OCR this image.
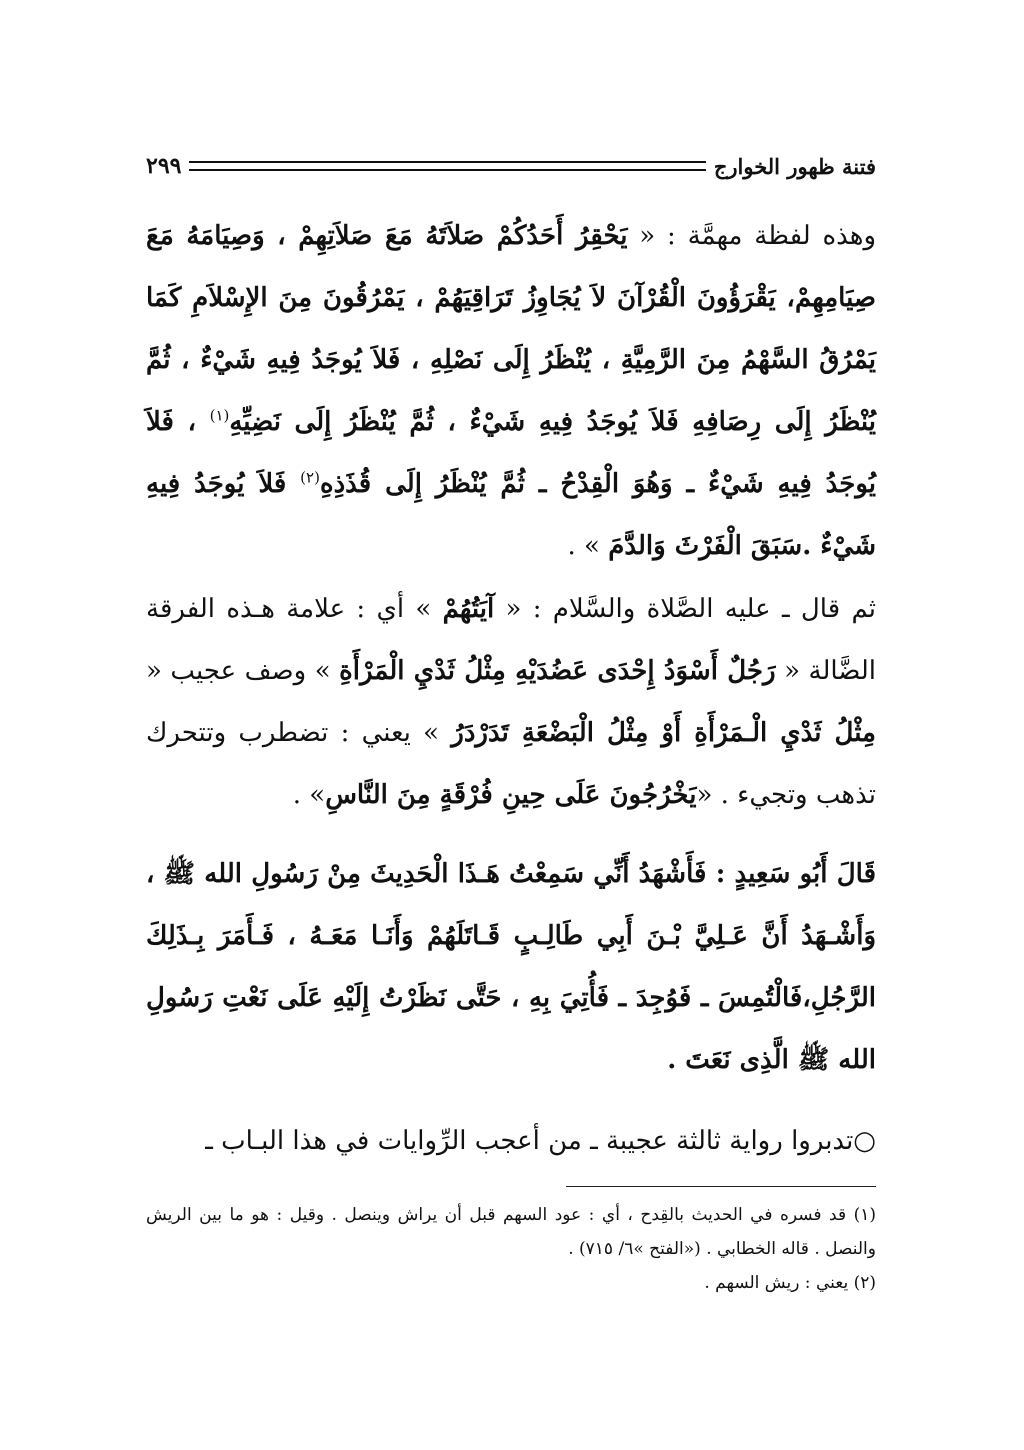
فتنة ظهور الخوارج
٢٩٩

وهذه لفظة مهمَّة : « يَحْقِرُ أَحَدُكُمْ صَلاَتَهُ مَعَ صَلاَتِهِمْ ، وَصِيَامَهُ مَعَ صِيَامِهِمْ، يَقْرَؤُونَ الْقُرْآنَ لاَ يُجَاوِزُ تَرَاقِيَهُمْ ، يَمْرُقُونَ مِنَ الإِسْلاَمِ كَمَا يَمْرُقُ السَّهْمُ مِنَ الرَّمِيَّةِ ، يُنْظَرُ إِلَى نَصْلِهِ ، فَلاَ يُوجَدُ فِيهِ شَيْءٌ ، ثُمَّ يُنْظَرُ إِلَى رِصَافِهِ فَلاَ يُوجَدُ فِيهِ شَيْءٌ ، ثُمَّ يُنْظَرُ إِلَى نَضِيِّهِ$^{(١)}$ ، فَلاَ يُوجَدُ فِيهِ شَيْءٌ ـ وَهُوَ الْقِدْحُ ـ ثُمَّ يُنْظَرُ إِلَى قُذَذِهِ$^{(٢)}$ فَلاَ يُوجَدُ فِيهِ شَيْءٌ .سَبَقَ الْفَرْثَ وَالدَّمَ » .

ثم قال ـ عليه الصَّلاة والسَّلام : « آيَتُهُمْ » أي : علامة هـذه الفرقة الضَّالة « رَجُلٌ أَسْوَدُ إِحْدَى عَضُدَيْهِ مِثْلُ ثَدْيِ الْمَرْأَةِ » وصف عجيب « مِثْلُ ثَدْيِ الْـمَرْأَةِ أَوْ مِثْلُ الْبَضْعَةِ تَدَرْدَرُ » يعني : تضطرب وتتحرك تذهب وتجيء . «يَخْرُجُونَ عَلَى حِينِ فُرْقَةٍ مِنَ النَّاسِ» .

قَالَ أَبُو سَعِيدٍ : فَأَشْهَدُ أَنِّي سَمِعْتُ هَـذَا الْحَدِيثَ مِنْ رَسُولِ الله ﷺ ، وَأَشْـهَدُ أَنَّ عَـلِيَّ بْـنَ أَبِي طَالِـبٍ قَـاتَلَهُمْ وَأَنَـا مَعَـهُ ، فَـأَمَرَ بِـذَلِكَ الرَّجُلِ،فَالْتُمِسَ ـ فَوُجِدَ ـ فَأُتِيَ بِهِ ، حَتَّى نَظَرْتُ إِلَيْهِ عَلَى نَعْتِ رَسُولِ الله ﷺ الَّذِى نَعَتَ .

○تدبروا رواية ثالثة عجيبة ـ من أعجب الرِّوايات في هذا البـاب ـ

(١) قد فسره في الحديث بالقِدح ، أي : عود السهم قبل أن يراش وينصل . وقيل : هو ما بين الريش والنصل . قاله الخطابي . («الفتح »٦/ ٧١٥) .

(٢) يعني : ريش السهم .
